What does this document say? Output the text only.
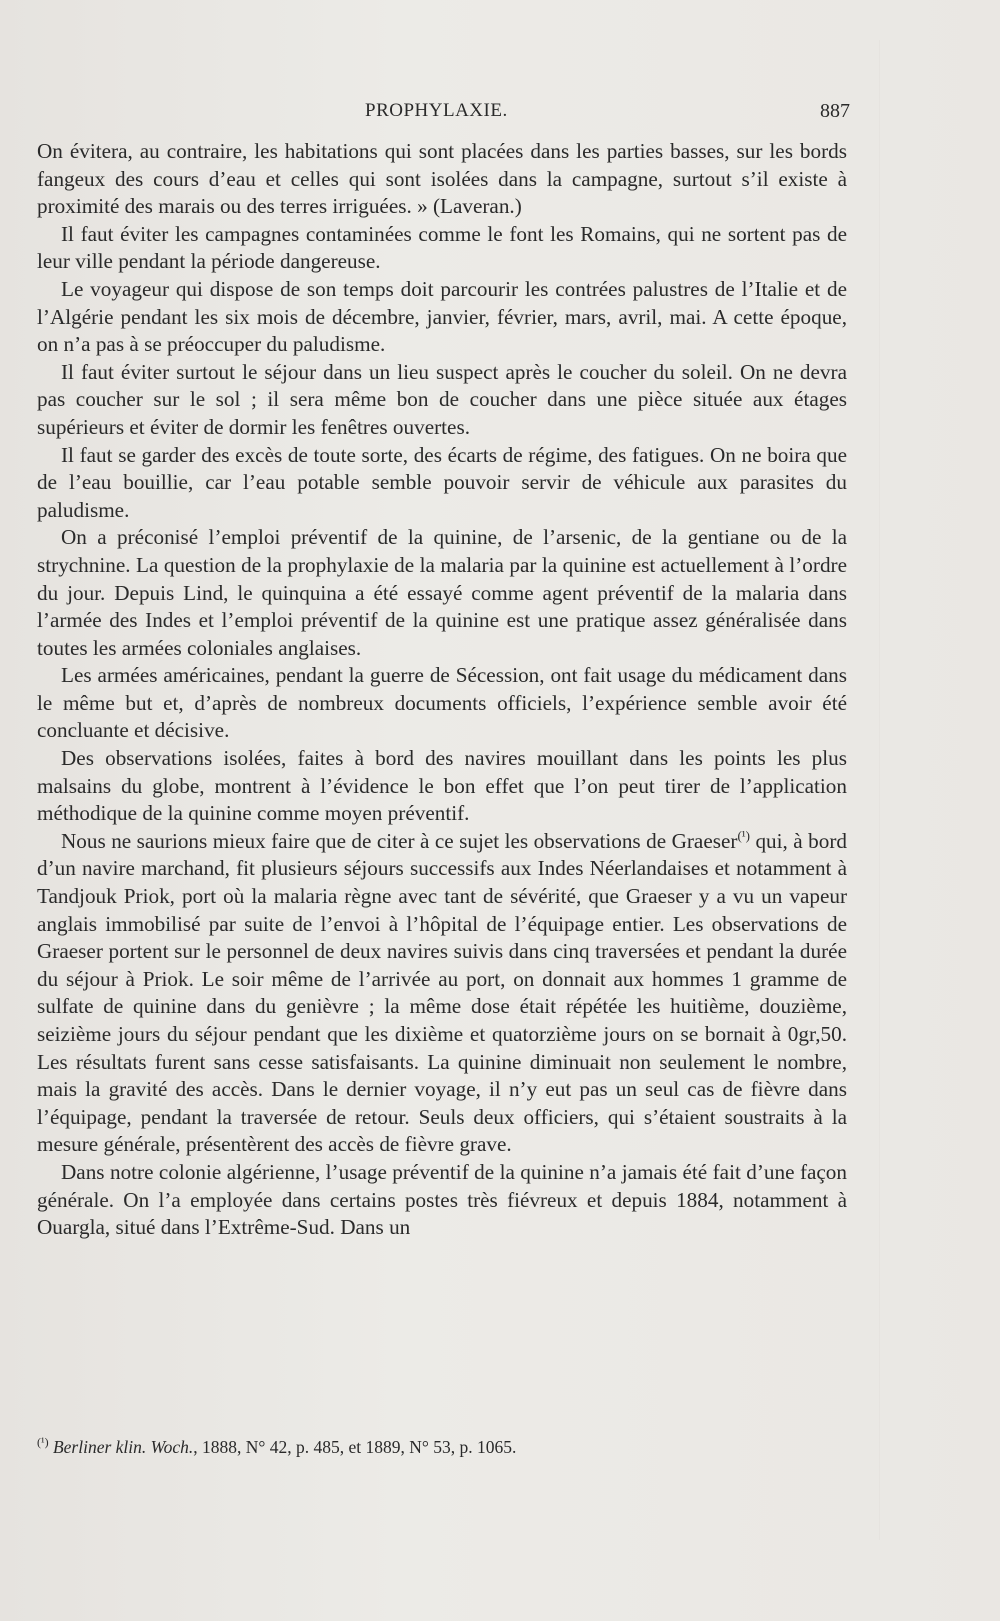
PROPHYLAXIE.	887

On évitera, au contraire, les habitations qui sont placées dans les parties basses, sur les bords fangeux des cours d’eau et celles qui sont isolées dans la campagne, surtout s’il existe à proximité des marais ou des terres irriguées. » (Laveran.)

Il faut éviter les campagnes contaminées comme le font les Romains, qui ne sortent pas de leur ville pendant la période dangereuse.

Le voyageur qui dispose de son temps doit parcourir les contrées palustres de l’Italie et de l’Algérie pendant les six mois de décembre, janvier, février, mars, avril, mai. A cette époque, on n’a pas à se préoccuper du paludisme.

Il faut éviter surtout le séjour dans un lieu suspect après le coucher du soleil. On ne devra pas coucher sur le sol ; il sera même bon de coucher dans une pièce située aux étages supérieurs et éviter de dormir les fenêtres ouvertes.

Il faut se garder des excès de toute sorte, des écarts de régime, des fatigues. On ne boira que de l’eau bouillie, car l’eau potable semble pouvoir servir de véhicule aux parasites du paludisme.

On a préconisé l’emploi préventif de la quinine, de l’arsenic, de la gentiane ou de la strychnine. La question de la prophylaxie de la malaria par la quinine est actuellement à l’ordre du jour. Depuis Lind, le quinquina a été essayé comme agent préventif de la malaria dans l’armée des Indes et l’emploi préventif de la quinine est une pratique assez généralisée dans toutes les armées coloniales anglaises.

Les armées américaines, pendant la guerre de Sécession, ont fait usage du médicament dans le même but et, d’après de nombreux documents officiels, l’expérience semble avoir été concluante et décisive.

Des observations isolées, faites à bord des navires mouillant dans les points les plus malsains du globe, montrent à l’évidence le bon effet que l’on peut tirer de l’application méthodique de la quinine comme moyen préventif.

Nous ne saurions mieux faire que de citer à ce sujet les observations de Graeser$^{(^1)}$ qui, à bord d’un navire marchand, fit plusieurs séjours successifs aux Indes Néerlandaises et notamment à Tandjouk Priok, port où la malaria règne avec tant de sévérité, que Graeser y a vu un vapeur anglais immobilisé par suite de l’envoi à l’hôpital de l’équipage entier. Les observations de Graeser portent sur le personnel de deux navires suivis dans cinq traversées et pendant la durée du séjour à Priok. Le soir même de l’arrivée au port, on donnait aux hommes 1 gramme de sulfate de quinine dans du genièvre ; la même dose était répétée les huitième, douzième, seizième jours du séjour pendant que les dixième et quatorzième jours on se bornait à 0gr,50. Les résultats furent sans cesse satisfaisants. La quinine diminuait non seulement le nombre, mais la gravité des accès. Dans le dernier voyage, il n’y eut pas un seul cas de fièvre dans l’équipage, pendant la traversée de retour. Seuls deux officiers, qui s’étaient soustraits à la mesure générale, présentèrent des accès de fièvre grave.

Dans notre colonie algérienne, l’usage préventif de la quinine n’a jamais été fait d’une façon générale. On l’a employée dans certains postes très fiévreux et depuis 1884, notamment à Ouargla, situé dans l’Extrême-Sud. Dans un

$^{(^1)}$ Berliner klin. Woch., 1888, N° 42, p. 485, et 1889, N° 53, p. 1065.
